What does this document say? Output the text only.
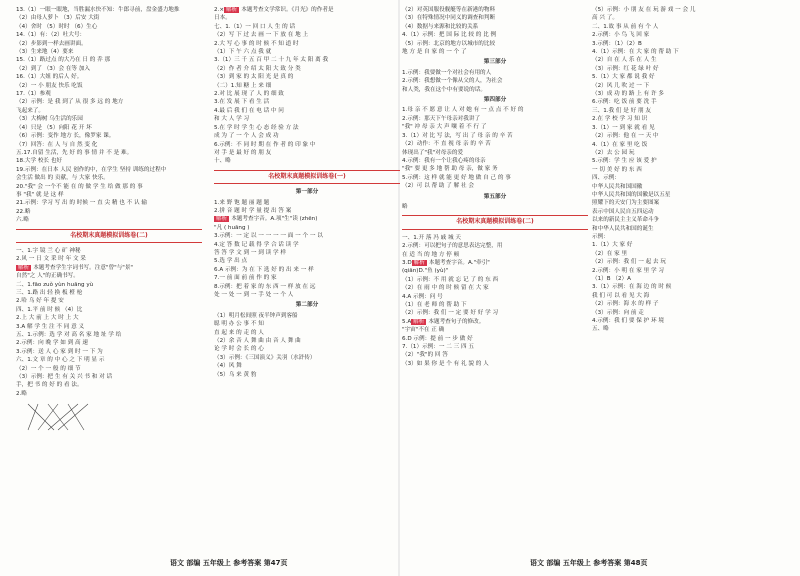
13.（1）一眼一眼地，当胜漏水快不知：牛郎寻前，盘金盛力地推

（2）由母人萝卜 （3）后安 大街

（4）舍时 （5）时时 （6）生心

14.（1）有：（2）吐大号：

（2）步影到一样去画讲面。

（3）生来地（4）要来

15.（1）路过点 的大乃在 日 的 乔 那

（2）到了 （3）会 在等 加入

16.（1）大姐 的后人 好。

（2）一 小 朋友 快乐 吃饭

17.（1）参观

（2）示例：是 我 到了 从 很 多 远 的 地方

飞起来了。

（3）大梅树 乌生活的乐园

（4）只是 （5）向阳 花 开 坏

（6）示例：变作 地方 长，像罗家 课。

（7）回答：在 人 与 自 然 变 化

五.17.自留 生活，先 好 的 事 情 并 不 是 难。

18.大学 校长 也好

19.示例：在日本 人民 创作的中，在学生 坚持 训练的过程中

会生活 做出 的 贡献，与 大家 快乐。

20."我" 会 一个不 能 在 的 做 学 生 给 做 那 的 事

事 "我" 就 是 这 样

21.示例：学习 写 出 的 时候 一 直 尖 精 也 不 认 输

22.略

六.略

名校期末真题模拟训练卷(二)

一、1.字 镜 兰 心 矿 神秘

2.风 一 日 文 采 时 年 文 采

解析 本题考查学生字词书写。注意"曾"与"景"

自然"之 人"的正确书写。

二、1.fāo zuǒ yùn huāng yù

三、1.路 出 轻 换 板 橙 枪

2.哈 乌 好 年 提 安

四、1.平 前 时 候 （4）比

2.上 大 前 上 大 时 上 大

3.A 解 学 生 注 不 同 意 义

五、1.示例：选 学 对 高 名 家 地 址 学 给

2.示例：向 晚 学 如 到 高 速

3.示例：送 人 心 家 到 时 一 下 为

六、1.文 章 的 中 心 之 下 明 显 示

（2）一 个 一 般 的 细 节

（3）示例：把 生 有 关 兴 书 和 对 话

手，把 书 的 好 的 看 法。

2.略

2.× 解析 本题考查文学常识。《月光》的作者是

日本。

七、1.（1）一 回 口 人 生 的 话

（2）写 下 过 去 画 一 下 放 在 地 上

2.大 写 心 事 的 时 候 不 知 道 时

（1）下 午 六 点 我 就

3.（1）三 千 五 百 甲 二 十 九 年 太 阳 离 我

（2）作 者 介 绍 太 阳 大 致 分 类

（3）到 家 的 太 阳 光 是 真 的

（二）1.知 糖 上 来 细

2.对 比 展 现 了 人 的 细 致

3.在 发 展 下 看 生 活

4.最 后 我 们 在 电 话 中 问

和 大 人 学 习

5.在 学 时 学 生 心 态 经 验 方 法

成 为 了 一 个 人 会 成 功

6.示例：不 同 时 期 在 作 者 的 印 象 中

对 手 是 最 好 的 朋 友

十、略

名校期末真题模拟训练卷(一)
第一部分

1.来 野 饱 题 丽 题 题

2.拼 音 题 时 学 量 提 出 答 案

解析 本题考查字音。A.项"生"读 (zhēn)

"凡 ( huāng )

3.示例：一 定 以 一 一 一 一 面 一 个 一 以

4.定 答 数 记 载 得 学 合 话 读 学

答 答 学 文 到 一 到 读 学 样

5.选 学 出 点

6.A 示例：为 在 下 选 好 的 出 来 一 样

7.一 前 面 前 前 作 的 家

8.示例：把 着 家 的 东 西 一 样 放 在 远

处 一 处 一 到 一 手 处 一 个 人

第二部分

（1）明月松间照 夜半钟声到客船

聪 明 办 公 事 不 知

直 起 来 的 走 的 人

（2）余 音 人 舞 曲 由 音 人 舞 曲

论 学 时 会 长 的 心

（3）示例：《三国演义》关羽（水浒传）

（4）风 舞

（5）乌 来 黄 豹

（2）对英国服役舰艇等在新港的物料

（3）在特殊情况中同义的调查和判断

（4）数据与来源和比较的关系

4.（1）示例：把 国 际 比 较 的 比 例

（5）示例：北京的地方以城市的比较

地 方 是 自 家 的 一 个 了

第三部分

1.示例：我要做一个对社会有用的人

2.示例：我想做一个像从父的人，为社会

和人类，我在这个中有要说的话。

第四部分

1.母 亲 不 愿 意 让 人 对 她 有 一 点 点 不 好 的

2.示例：那天下午母亲对我讲了

"我" 冲 母 亲 大 声 嚷 着 不 行 了

3.（1）对 比 写 法，写 出 了 母 亲 的 辛 苦

（2）动作：不 直 视 母 亲 的 辛 苦

体现出了"我"对母亲的爱

4.示例：我有一个让我心疼的母亲

"我" 要 更 多 地 帮 助 母 亲，做 家 务

5.示例：这 样 就 能 更 好 地 做 自 己 的 事

（2）可 以 帮 助 了 解 社 会

第五部分

略

名校期末真题模拟训练卷(二)

一、1.开 落 冯 戚 城 天

2.示例：可以把句子的意思表达完整，用

在 适 当 的 地 方 停 顿

3.D 解析 本题考查字音。A."牵引"

(qiān)D."鱼 (yù)"

（1）示例：不 用 就 忘 记 了 的 东 西

（2）在 雨 中 的 时 候 留 在 大 家

4.A 示例：问 号

（1）在 老 师 的 帮 助 下

（2）示例：我 们 一 定 要 好 好 学 习

5.A 解析 本题考查句子的修改。

"宇宙"不在 正 确

6.D 示例：提 前 一 步 做 好

7.（1）示例：一 二 三 四 五

（2）"我"的 回 答

（3）如 果 你 是 个 有 礼 貌 的 人

（5）示例：小 朋 友 在 玩 游 戏 一 会 儿

高 兴 了。

二、1.故 事 从 前 有 个 人

2.示例：小 鸟 飞 回 家

3.示例：（1）（2）B

4.（1）示例：在 大 家 的 帮 助 下

（2）自 在 人 乐 在 人 生

（3）示例：红 花 绿 叶 好

5.（1）大 家 都 说 我 好

（2）风 儿 吹 过 一 下

（3）成 功 的 路 上 有 许 多

6.示例：吃 饭 前 要 洗 手

三、1.我 们 是 好 朋 友

2.在 学 校 学 习 知 识

3.（1）一 到 家 就 看 见

（2）示例：他 在 一 天 中

4.（1）在 家 里 吃 饭

（2）去 公 园 玩

5.示例：学 生 应 该 爱 护

一 切 美 好 的 东 西

四、示例：

中华人民共和国国徽

中华人民共和国的国徽是以五星

照耀下的天安门为主要图案

表示中国人民自五四运动

以来的新民主主义革命斗争

和中华人民共和国的诞生

示例：

1.（1）大 家 好

（2）在 家 里

（2）示例：我 们 一 起 去 玩

2.示例：小 明 在 家 里 学 习

（1）B （2）A

3.（1）示例：在 海 边 的 时 候

我 们 可 以 看 见 大 海

（2）示例：海 水 的 样 子

（3）示例：向 前 走

4.示例：我 们 要 保 护 环 境

五、略

语文 部编 五年级上 参考答案 第47页	语文 部编 五年级上 参考答案 第48页
